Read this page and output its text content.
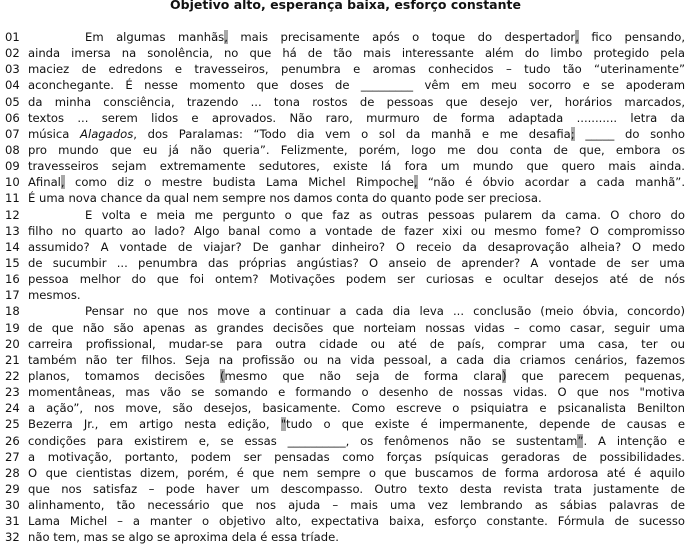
Objetivo alto, esperança baixa, esforço constante
01	Em algumas manhãs, mais precisamente após o toque do despertador, fico pensando,
02 ainda imersa na sonolência, no que há de tão mais interessante além do limbo protegido pela
03 maciez de edredons e travesseiros, penumbra e aromas conhecidos – tudo tão “uterinamente”
04 aconchegante. É nesse momento que doses de _________ vêm em meu socorro e se apoderam
05 da minha consciência, trazendo ... tona rostos de pessoas que desejo ver, horários marcados,
06 textos ... serem lidos e aprovados. Não raro, murmuro de forma adaptada ........... letra da
07 música Alagados, dos Paralamas: “Todo dia vem o sol da manhã e me desafia; _____ do sonho
08 pro mundo que eu já não queria”. Felizmente, porém, logo me dou conta de que, embora os
09 travesseiros sejam extremamente sedutores, existe lá fora um mundo que quero mais ainda.
10 Afinal, como diz o mestre budista Lama Michel Rimpoche, “não é óbvio acordar a cada manhã”.
11 É uma nova chance da qual nem sempre nos damos conta do quanto pode ser preciosa.
12	E volta e meia me pergunto o que faz as outras pessoas pularem da cama. O choro do
13 filho no quarto ao lado? Algo banal como a vontade de fazer xixi ou mesmo fome? O compromisso
14 assumido? A vontade de viajar? De ganhar dinheiro? O receio da desaprovação alheia? O medo
15 de sucumbir ... penumbra das próprias angústias? O anseio de aprender? A vontade de ser uma
16 pessoa melhor do que foi ontem? Motivações podem ser curiosas e ocultar desejos até de nós
17 mesmos.
18	Pensar no que nos move a continuar a cada dia leva ... conclusão (meio óbvia, concordo)
19 de que não são apenas as grandes decisões que norteiam nossas vidas – como casar, seguir uma
20 carreira profissional, mudar-se para outra cidade ou até de país, comprar uma casa, ter ou
21 também não ter filhos. Seja na profissão ou na vida pessoal, a cada dia criamos cenários, fazemos
22 planos, tomamos decisões (mesmo que não seja de forma clara) que parecem pequenas,
23 momentâneas, mas vão se somando e formando o desenho de nossas vidas. O que nos "motiva
24 a ação”, nos move, são desejos, basicamente. Como escreve o psiquiatra e psicanalista Benilton
25 Bezerra Jr., em artigo nesta edição, "tudo o que existe é impermanente, depende de causas e
26 condições para existirem e, se essas __________, os fenômenos não se sustentam”. A intenção e
27 a motivação, portanto, podem ser pensadas como forças psíquicas geradoras de possibilidades.
28 O que cientistas dizem, porém, é que nem sempre o que buscamos de forma ardorosa até é aquilo
29 que nos satisfaz – pode haver um descompasso. Outro texto desta revista trata justamente de
30 alinhamento, tão necessário que nos ajuda – mais uma vez lembrando as sábias palavras de
31 Lama Michel – a manter o objetivo alto, expectativa baixa, esforço constante. Fórmula de sucesso
32 não tem, mas se algo se aproxima dela é essa tríade.
